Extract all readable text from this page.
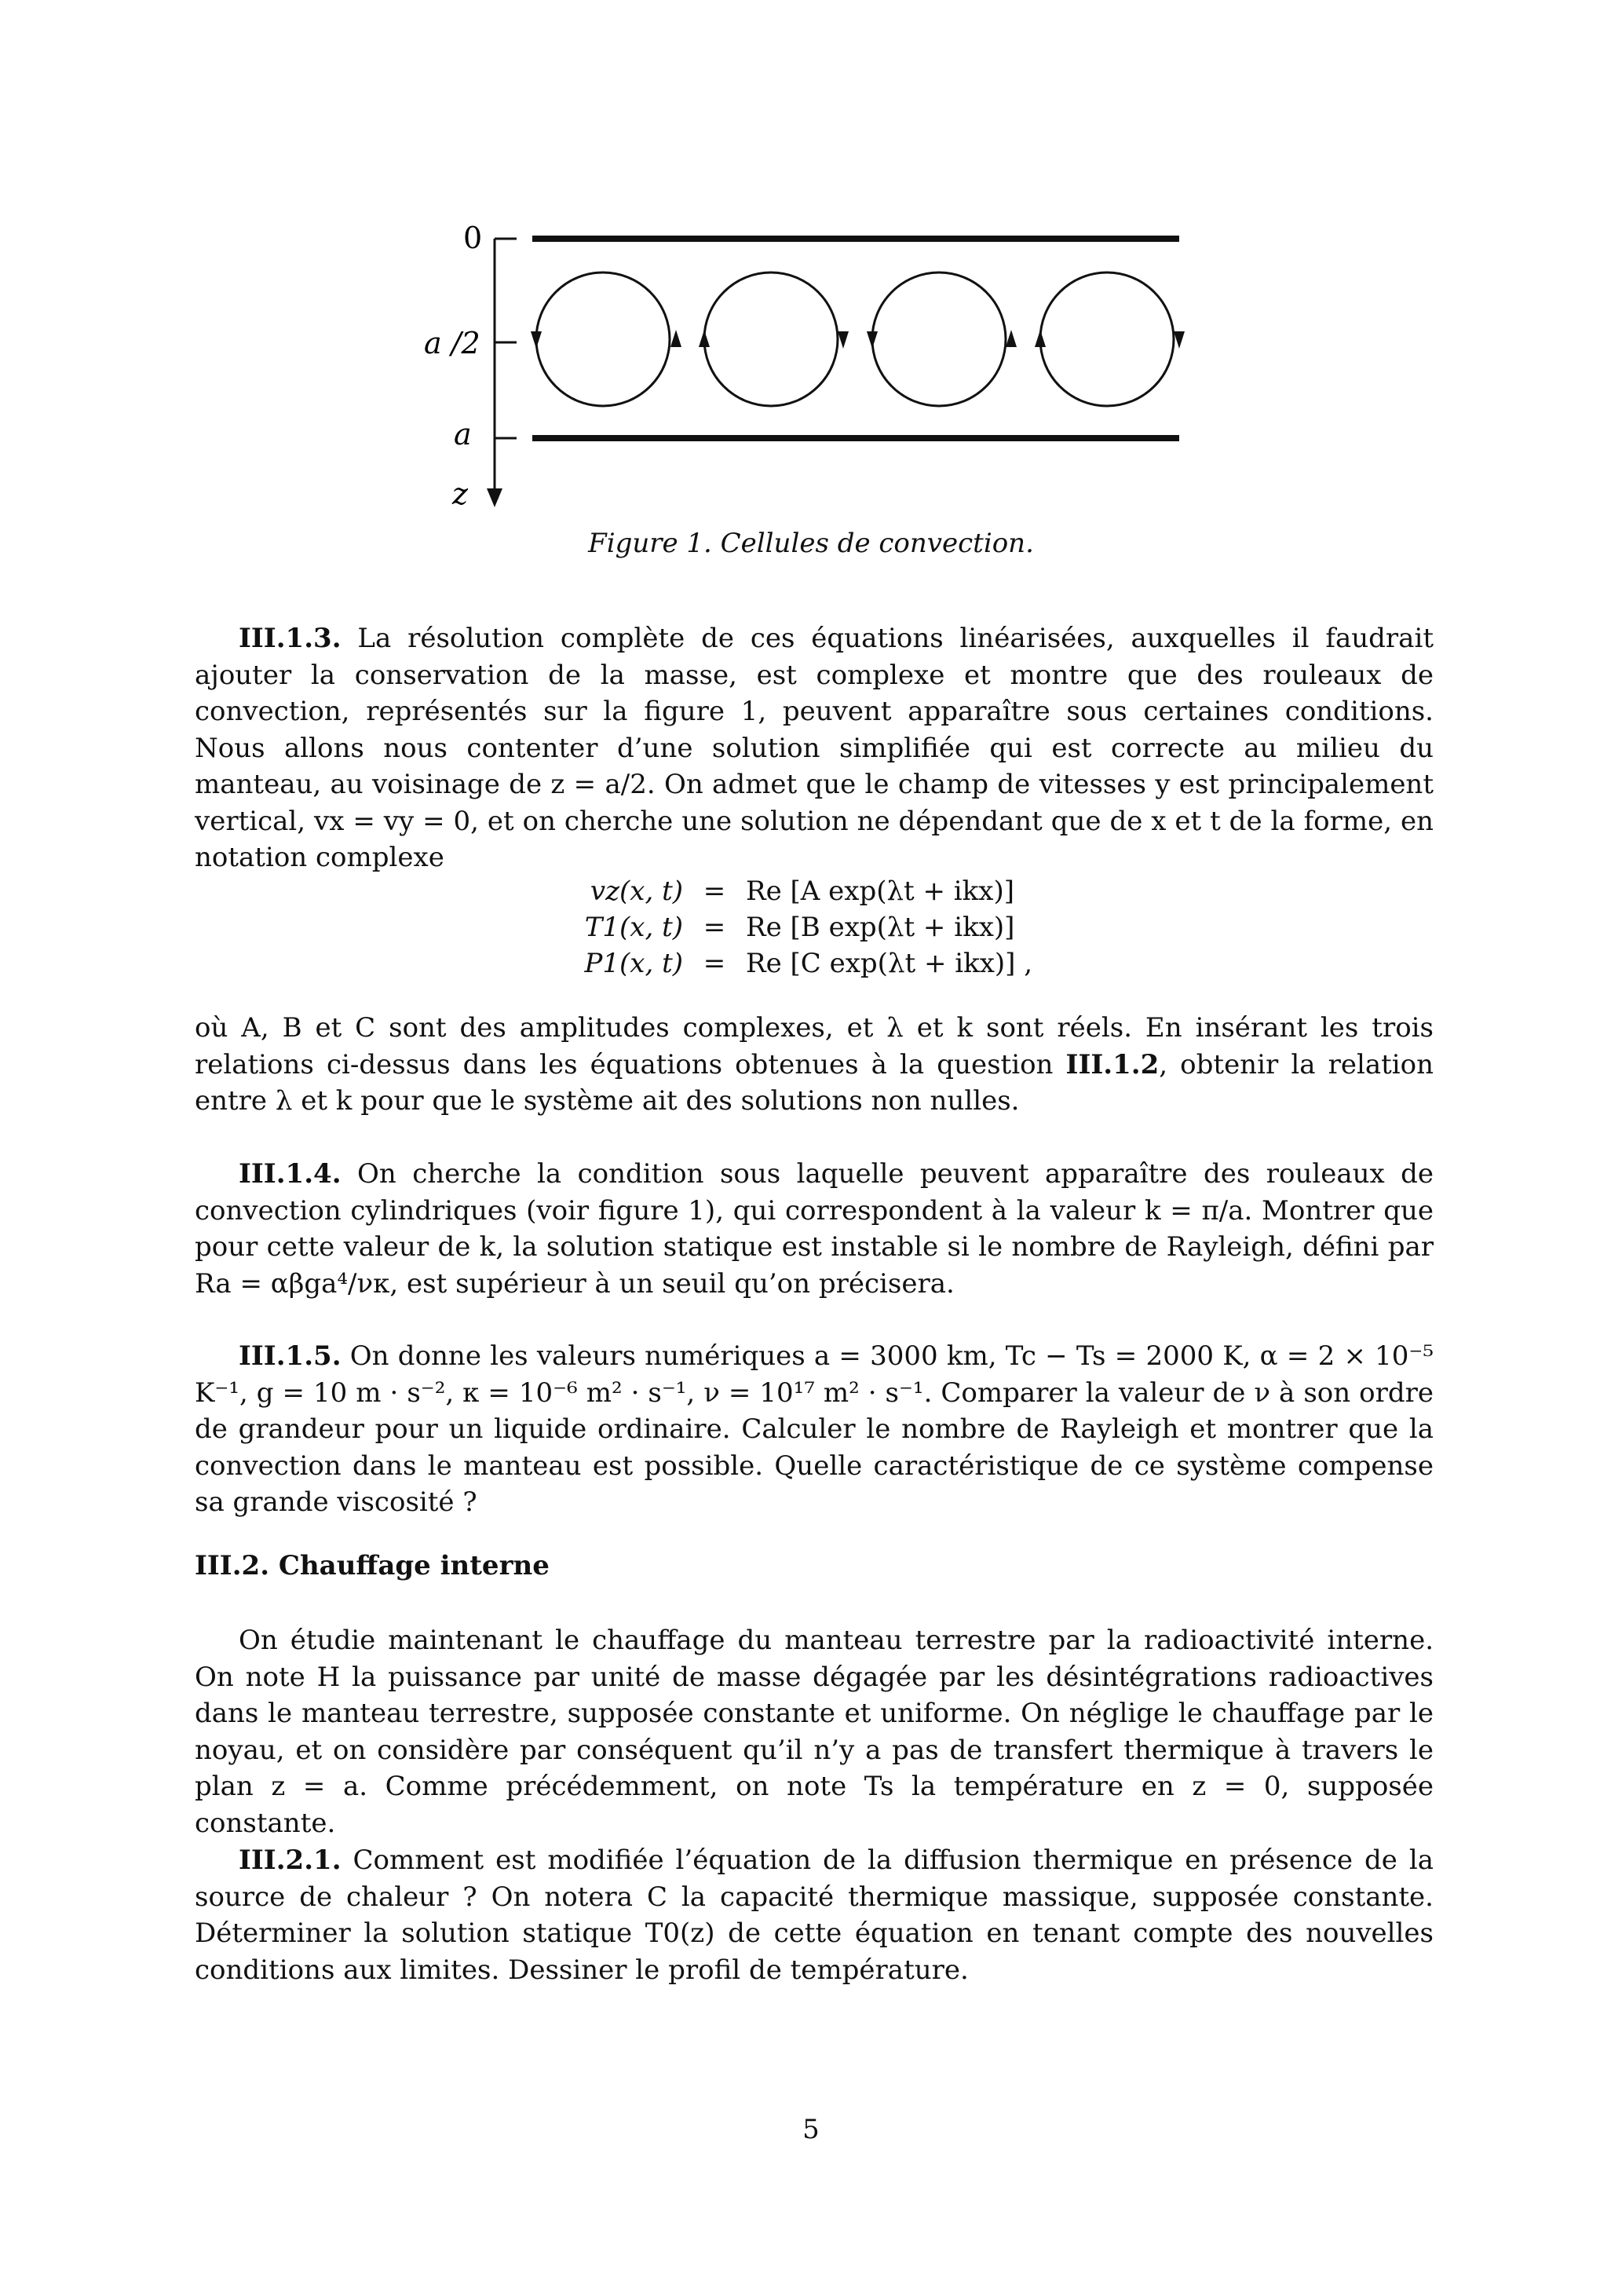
0
a /2
a
z
Figure 1. Cellules de convection.

III.1.3. La résolution complète de ces équations linéarisées, auxquelles il faudrait ajouter la conservation de la masse, est complexe et montre que des rouleaux de convection, représentés sur la figure 1, peuvent apparaître sous certaines conditions. Nous allons nous contenter d’une solution simplifiée qui est correcte au milieu du manteau, au voisinage de z = a/2. On admet que le champ de vitesses y est principalement vertical, vx = vy = 0, et on cherche une solution ne dépendant que de x et t de la forme, en notation complexe

vz(x, t) = Re [A exp(λt + ikx)]
T1(x, t) = Re [B exp(λt + ikx)]
P1(x, t) = Re [C exp(λt + ikx)] ,

où A, B et C sont des amplitudes complexes, et λ et k sont réels. En insérant les trois relations ci-dessus dans les équations obtenues à la question III.1.2, obtenir la relation entre λ et k pour que le système ait des solutions non nulles.

III.1.4. On cherche la condition sous laquelle peuvent apparaître des rouleaux de convection cylindriques (voir figure 1), qui correspondent à la valeur k = π/a. Montrer que pour cette valeur de k, la solution statique est instable si le nombre de Rayleigh, défini par Ra = αβga⁴/νκ, est supérieur à un seuil qu’on précisera.

III.1.5. On donne les valeurs numériques a = 3000 km, Tc − Ts = 2000 K, α = 2 × 10⁻⁵ K⁻¹, g = 10 m · s⁻², κ = 10⁻⁶ m² · s⁻¹, ν = 10¹⁷ m² · s⁻¹. Comparer la valeur de ν à son ordre de grandeur pour un liquide ordinaire. Calculer le nombre de Rayleigh et montrer que la convection dans le manteau est possible. Quelle caractéristique de ce système compense sa grande viscosité ?

III.2. Chauffage interne

On étudie maintenant le chauffage du manteau terrestre par la radioactivité interne. On note H la puissance par unité de masse dégagée par les désintégrations radioactives dans le manteau terrestre, supposée constante et uniforme. On néglige le chauffage par le noyau, et on considère par conséquent qu’il n’y a pas de transfert thermique à travers le plan z = a. Comme précédemment, on note Ts la température en z = 0, supposée constante.

III.2.1. Comment est modifiée l’équation de la diffusion thermique en présence de la source de chaleur ? On notera C la capacité thermique massique, supposée constante. Déterminer la solution statique T0(z) de cette équation en tenant compte des nouvelles conditions aux limites. Dessiner le profil de température.

5
